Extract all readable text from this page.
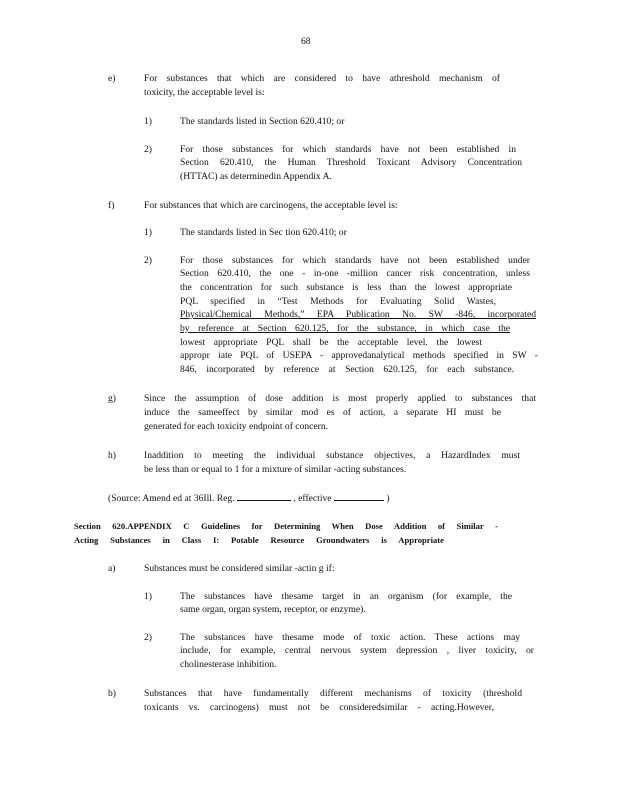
68
e)	For substances that which are considered to have athreshold mechanism of
toxicity, the acceptable level is:
1)	The standards listed in Section 620.410; or
2)	For those substances for which standards have not been established in
Section 620.410, the Human Threshold Toxicant Advisory Concentration
(HTTAC) as determinedin Appendix A.
f)	For substances that which are carcinogens, the acceptable level is:
1)	The standards listed in Sec tion 620.410; or
2)	For those substances for which standards have not been established under
Section 620.410, the one - in-one -million cancer risk concentration, unless
the concentration for such substance is less than the lowest appropriate
PQL specified in “Test Methods for Evaluating Solid Wastes,
Physical/Chemical Methods,” EPA Publication No. SW -846, incorporated
by reference at Section 620.125, for the substance, in which case the
lowest appropriate PQL shall be the acceptable level. the lowest
appropr iate PQL of USEPA - approvedanalytical methods specified in SW -
846, incorporated by reference at Section 620.125, for each substance.
g)	Since the assumption of dose addition is most properly applied to substances that
induce the sameeffect by similar mod es of action, a separate HI must be
generated for each toxicity endpoint of concern.
h)	Inaddition to meeting the individual substance objectives, a HazardIndex must
be less than or equal to 1 for a mixture of similar -acting substances.
(Source: Amend ed at 36Ill. Reg.	, effective	)
Section 620.APPENDIX C Guidelines for Determining When Dose Addition of Similar -
Acting Substances in Class I: Potable Resource Groundwaters is Appropriate
a)	Substances must be considered similar -actin g if:
1)	The substances have thesame target in an organism (for example, the
same organ, organ system, receptor, or enzyme).
2)	The substances have thesame mode of toxic action. These actions may
include, for example, central nervous system depression , liver toxicity, or
cholinesterase inhibition.
b)	Substances that have fundamentally different mechanisms of toxicity (threshold
toxicants vs. carcinogens) must not be consideredsimilar - acting.However,
